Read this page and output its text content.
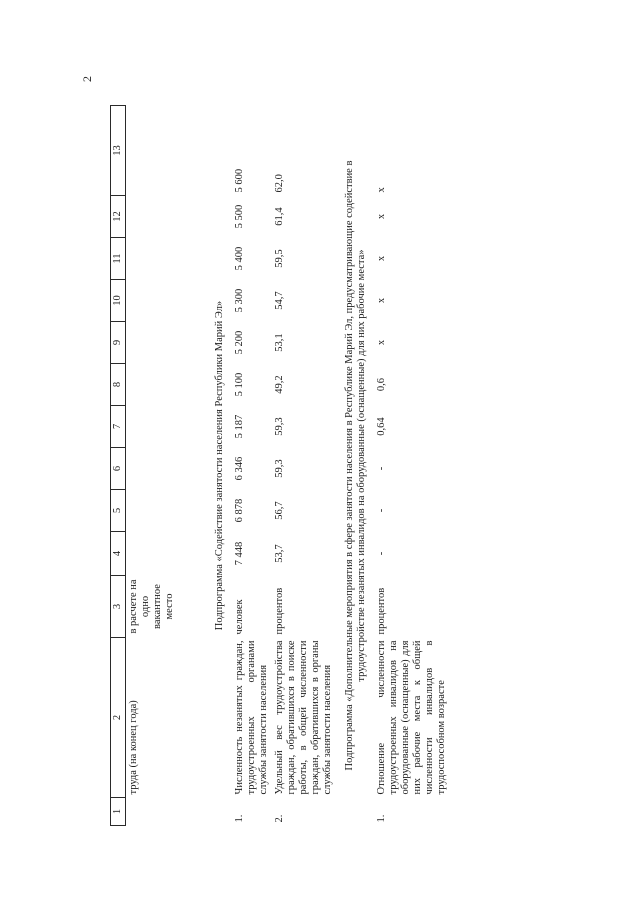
2
1	2	3	4	5	6	7	8	9	10	11	12	13
	труда (на конец года)	в расчете на одно вакантное место										
Подпрограмма «Содействие занятости населения Республики Марий Эл»												
1.	Численность незанятых граждан, трудоустроенных органами службы занятости населения	человек	7 448	6 878	6 346	5 187	5 100	5 200	5 300	5 400	5 500	5 600
2.	Удельный вес трудоустройства граждан, обратившихся в поиске работы, в общей численности граждан, обратившихся в органы службы занятости населения	процентов	53,7	56,7	59,3	59,3	49,2	53,1	54,7	59,5	61,4	62,0
Подпрограмма «Дополнительные мероприятия в сфере занятости населения в Республике Марий Эл, предусматривающие содействие в трудоустройстве незанятых инвалидов на оборудованные (оснащенные) для них рабочие места»												
1.	Отношение численности трудоустроенных инвалидов на оборудованные (оснащенные) для них рабочие места к общей численности инвалидов в трудоспособном возрасте	процентов	-	-	-	0,64	0,6	x	x	x	x	x
